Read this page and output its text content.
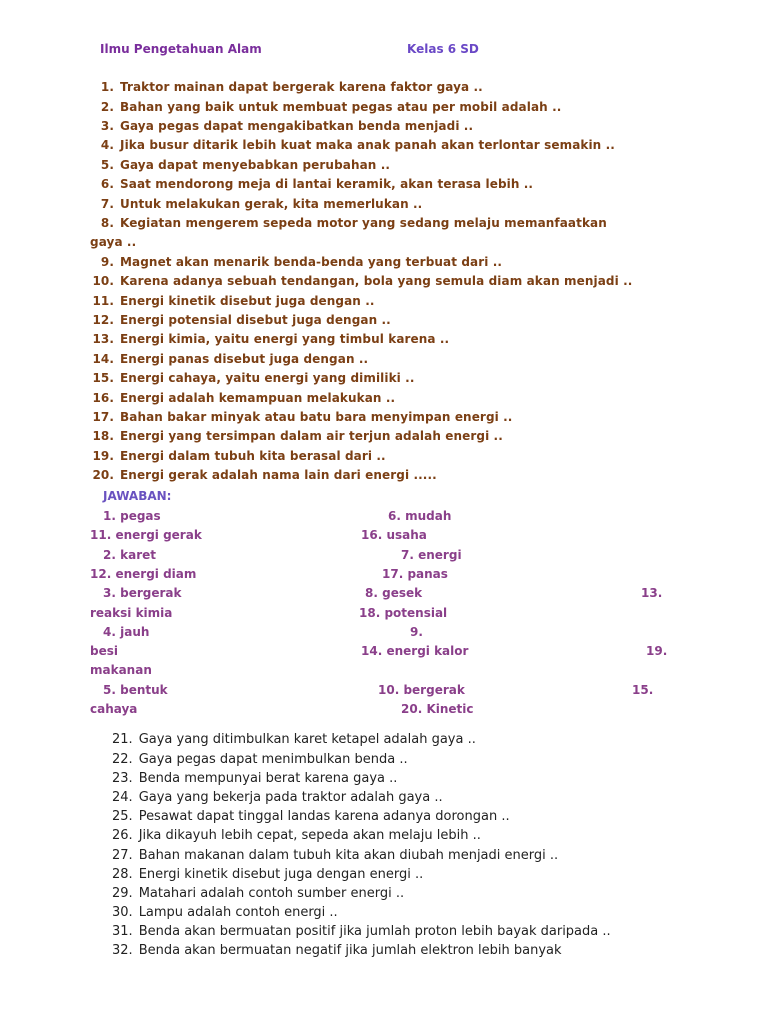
Ilmu Pengetahuan Alam	Kelas 6 SD
1. Traktor mainan dapat bergerak karena faktor gaya ..
2. Bahan yang baik untuk membuat pegas atau per mobil adalah ..
3. Gaya pegas dapat mengakibatkan benda menjadi ..
4. Jika busur ditarik lebih kuat maka anak panah akan terlontar semakin ..
5. Gaya dapat menyebabkan perubahan ..
6. Saat mendorong meja di lantai keramik, akan terasa lebih ..
7. Untuk melakukan gerak, kita memerlukan ..
8. Kegiatan mengerem sepeda motor yang sedang melaju memanfaatkan
gaya ..
9. Magnet akan menarik benda-benda yang terbuat dari ..
10. Karena adanya sebuah tendangan, bola yang semula diam akan menjadi ..
11. Energi kinetik disebut juga dengan ..
12. Energi potensial disebut juga dengan ..
13. Energi kimia, yaitu energi yang timbul karena ..
14. Energi panas disebut juga dengan ..
15. Energi cahaya, yaitu energi yang dimiliki ..
16. Energi adalah kemampuan melakukan ..
17. Bahan bakar minyak atau batu bara menyimpan energi ..
18. Energi yang tersimpan dalam air terjun adalah energi ..
19. Energi dalam tubuh kita berasal dari ..
20. Energi gerak adalah nama lain dari energi .....
JAWABAN:
1. pegas	6. mudah
11. energi gerak	16. usaha
2. karet	7. energi
12. energi diam	17. panas
3. bergerak	8. gesek	13.
reaksi kimia	18. potensial
4. jauh	9.
besi	14. energi kalor	19.
makanan
5. bentuk	10. bergerak	15.
cahaya	20. Kinetic
21. Gaya yang ditimbulkan karet ketapel adalah gaya ..
22. Gaya pegas dapat menimbulkan benda ..
23. Benda mempunyai berat karena gaya ..
24. Gaya yang bekerja pada traktor adalah gaya ..
25. Pesawat dapat tinggal landas karena adanya dorongan ..
26. Jika dikayuh lebih cepat, sepeda akan melaju lebih ..
27. Bahan makanan dalam tubuh kita akan diubah menjadi energi ..
28. Energi kinetik disebut juga dengan energi ..
29. Matahari adalah contoh sumber energi ..
30. Lampu adalah contoh energi ..
31. Benda akan bermuatan positif jika jumlah proton lebih bayak daripada ..
32. Benda akan bermuatan negatif jika jumlah elektron lebih banyak
